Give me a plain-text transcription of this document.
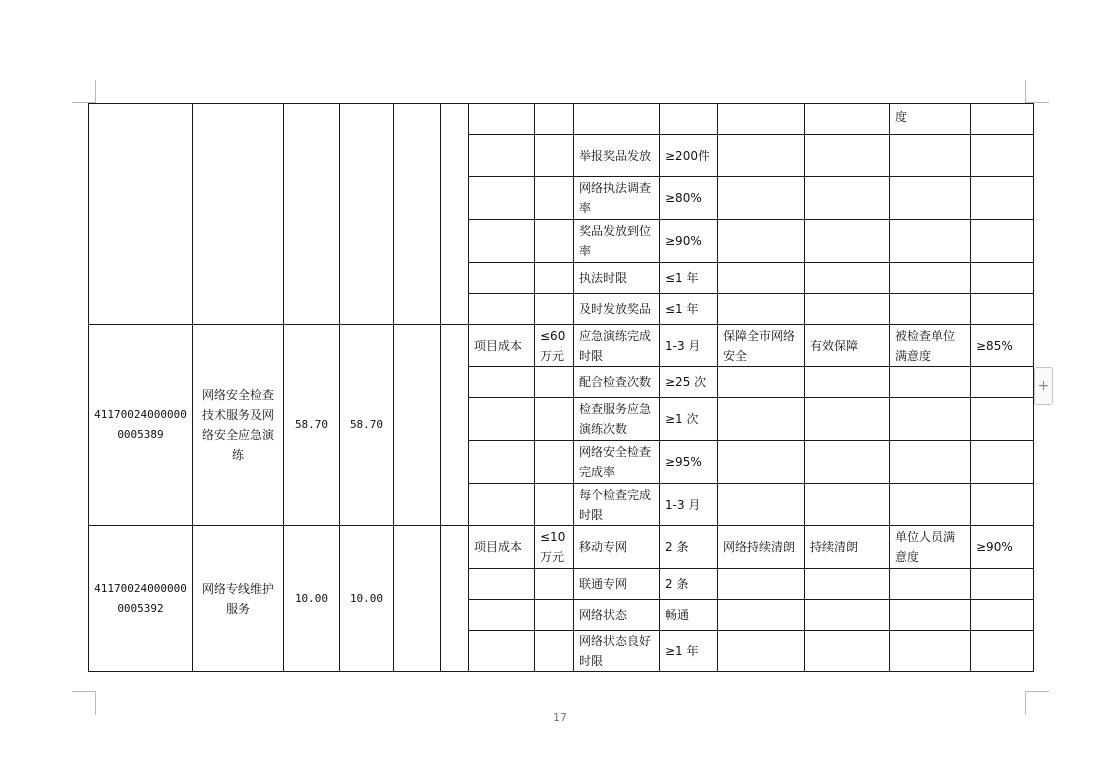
												度	
								举报奖品发放	≥200件				
								网络执法调查率	≥80%				
								奖品发放到位率	≥90%				
								执法时限	≤1 年				
								及时发放奖品	≤1 年				
41170024000000 0005389	网络安全检查技术服务及网络安全应急演练	58.70	58.70			项目成本	≤60万元	应急演练完成时限	1-3 月	保障全市网络安全	有效保障	被检查单位满意度	≥85%
								配合检查次数	≥25 次				
								检查服务应急演练次数	≥1 次				
								网络安全检查完成率	≥95%				
								每个检查完成时限	1-3 月				
41170024000000 0005392	网络专线维护服务	10.00	10.00			项目成本	≤10万元	移动专网	2 条	网络持续清朗	持续清朗	单位人员满意度	≥90%
								联通专网	2 条				
								网络状态	畅通				
								网络状态良好时限	≥1 年				
+
17
